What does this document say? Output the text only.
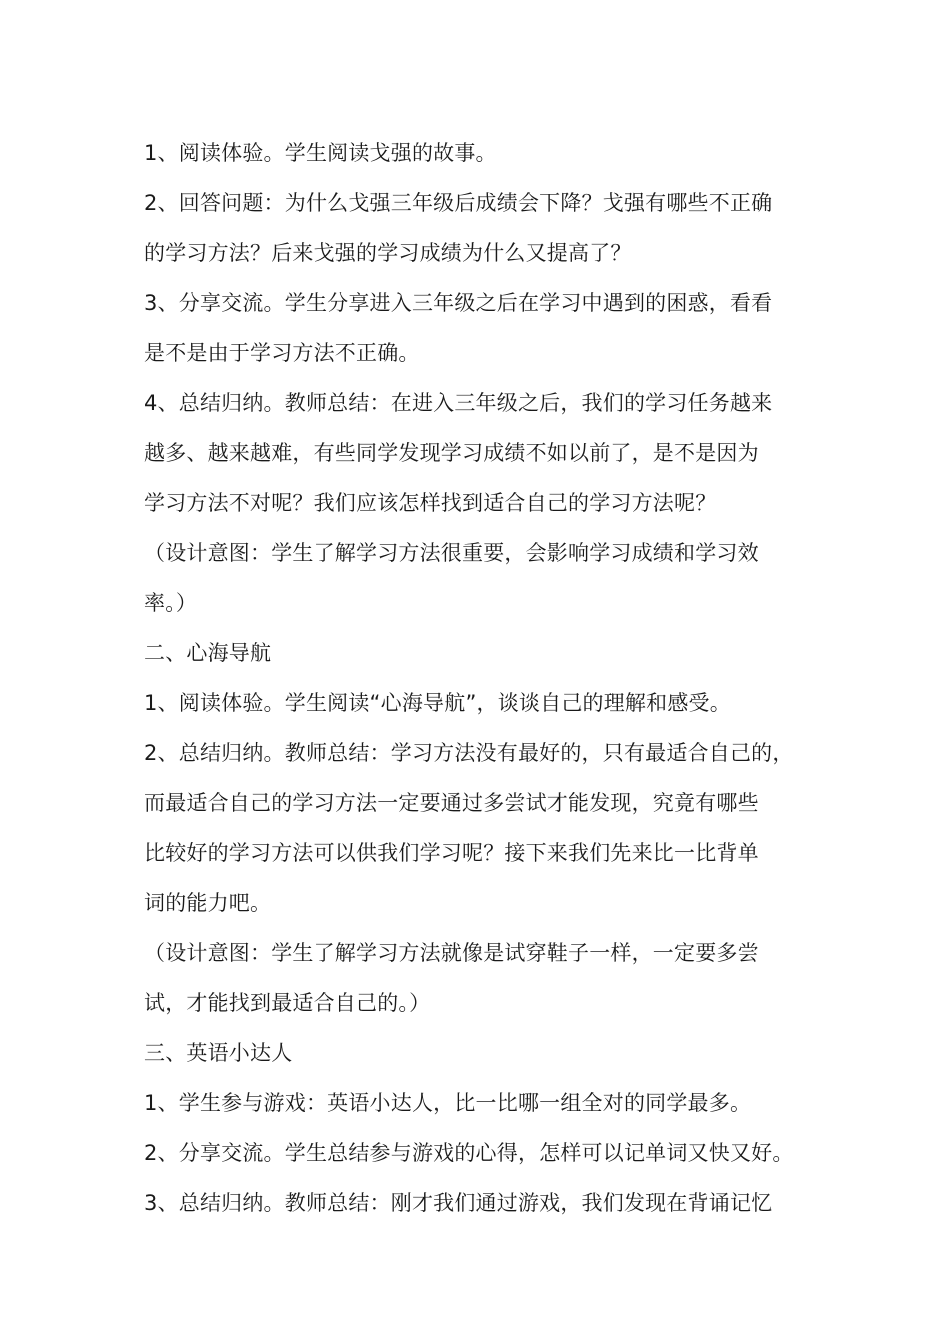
1、阅读体验。学生阅读戈强的故事。
2、回答问题：为什么戈强三年级后成绩会下降？戈强有哪些不正确
的学习方法？后来戈强的学习成绩为什么又提高了？
3、分享交流。学生分享进入三年级之后在学习中遇到的困惑，看看
是不是由于学习方法不正确。
4、总结归纳。教师总结：在进入三年级之后，我们的学习任务越来
越多、越来越难，有些同学发现学习成绩不如以前了，是不是因为
学习方法不对呢？我们应该怎样找到适合自己的学习方法呢？
（设计意图：学生了解学习方法很重要，会影响学习成绩和学习效
率。）
二、心海导航
1、阅读体验。学生阅读“心海导航”，谈谈自己的理解和感受。
2、总结归纳。教师总结：学习方法没有最好的，只有最适合自己的，
而最适合自己的学习方法一定要通过多尝试才能发现，究竟有哪些
比较好的学习方法可以供我们学习呢？接下来我们先来比一比背单
词的能力吧。
（设计意图：学生了解学习方法就像是试穿鞋子一样，一定要多尝
试，才能找到最适合自己的。）
三、英语小达人
1、学生参与游戏：英语小达人，比一比哪一组全对的同学最多。
2、分享交流。学生总结参与游戏的心得，怎样可以记单词又快又好。
3、总结归纳。教师总结：刚才我们通过游戏，我们发现在背诵记忆
